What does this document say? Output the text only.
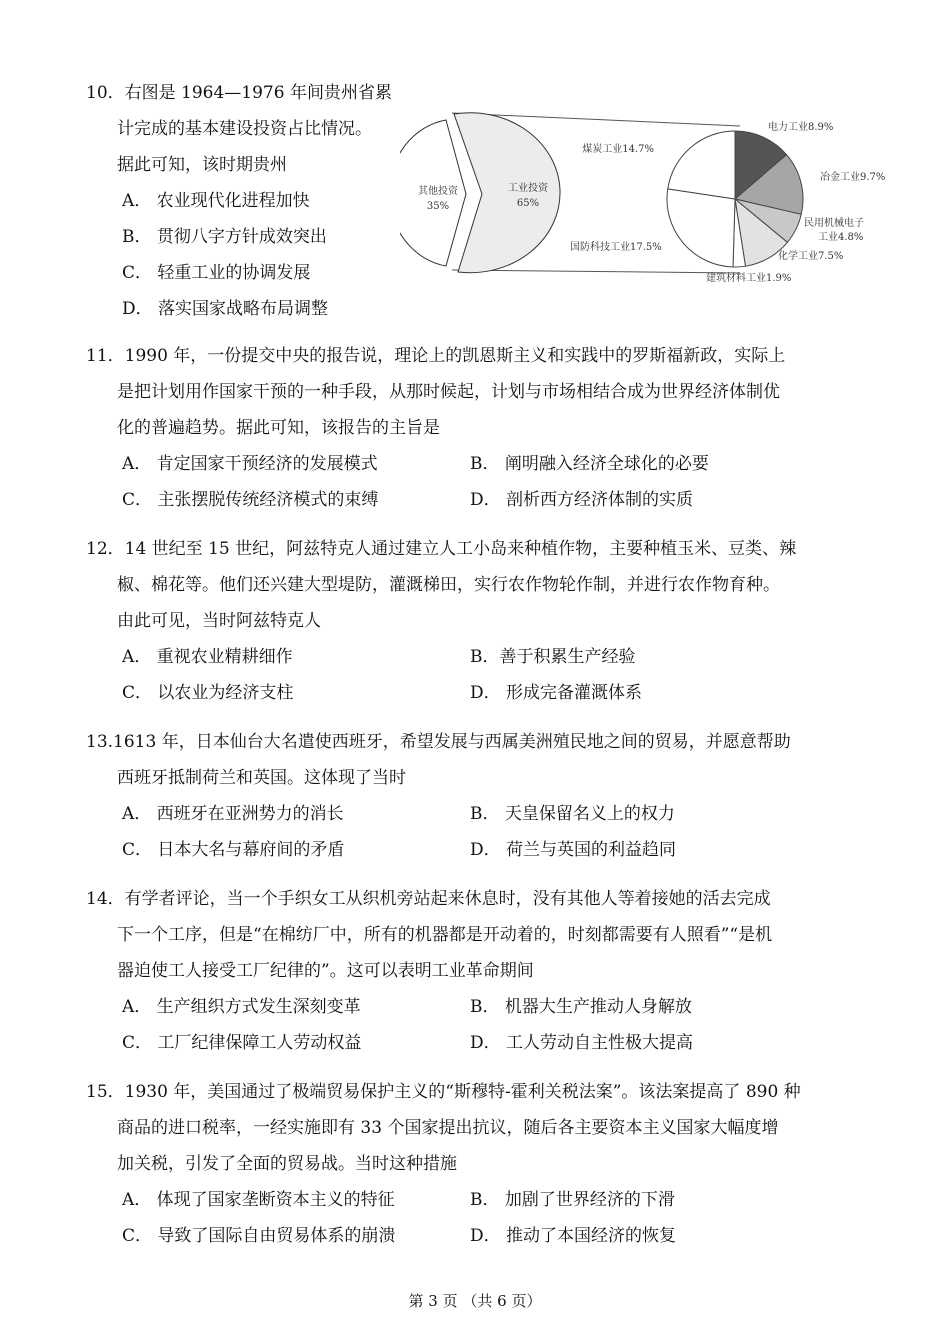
10．右图是 1964—1976 年间贵州省累
计完成的基本建设投资占比情况。
据此可知，该时期贵州
A． 农业现代化进程加快
B． 贯彻八字方针成效突出
C． 轻重工业的协调发展
D． 落实国家战略布局调整
其他投资
35%
工业投资
65%
煤炭工业14.7%
电力工业8.9%
冶金工业9.7%
民用机械电子
工业4.8%
化学工业7.5%
建筑材料工业1.9%
国防科技工业17.5%
11．1990 年，一份提交中央的报告说，理论上的凯恩斯主义和实践中的罗斯福新政，实际上
是把计划用作国家干预的一种手段，从那时候起，计划与市场相结合成为世界经济体制优
化的普遍趋势。据此可知，该报告的主旨是
A． 肯定国家干预经济的发展模式	B． 阐明融入经济全球化的必要
C． 主张摆脱传统经济模式的束缚	D． 剖析西方经济体制的实质
12．14 世纪至 15 世纪，阿兹特克人通过建立人工小岛来种植作物，主要种植玉米、豆类、辣
椒、棉花等。他们还兴建大型堤防，灌溉梯田，实行农作物轮作制，并进行农作物育种。
由此可见，当时阿兹特克人
A． 重视农业精耕细作	B．善于积累生产经验
C． 以农业为经济支柱	D． 形成完备灌溉体系
13.1613 年，日本仙台大名遣使西班牙，希望发展与西属美洲殖民地之间的贸易，并愿意帮助
西班牙抵制荷兰和英国。这体现了当时
A． 西班牙在亚洲势力的消长	B． 天皇保留名义上的权力
C． 日本大名与幕府间的矛盾	D． 荷兰与英国的利益趋同
14．有学者评论，当一个手织女工从织机旁站起来休息时，没有其他人等着接她的活去完成
下一个工序，但是“在棉纺厂中，所有的机器都是开动着的，时刻都需要有人照看”“是机
器迫使工人接受工厂纪律的”。这可以表明工业革命期间
A． 生产组织方式发生深刻变革	B． 机器大生产推动人身解放
C． 工厂纪律保障工人劳动权益	D． 工人劳动自主性极大提高
15．1930 年，美国通过了极端贸易保护主义的“斯穆特-霍利关税法案”。该法案提高了 890 种
商品的进口税率，一经实施即有 33 个国家提出抗议，随后各主要资本主义国家大幅度增
加关税，引发了全面的贸易战。当时这种措施
A． 体现了国家垄断资本主义的特征	B． 加剧了世界经济的下滑
C． 导致了国际自由贸易体系的崩溃	D． 推动了本国经济的恢复
第 3 页 （共 6 页）
